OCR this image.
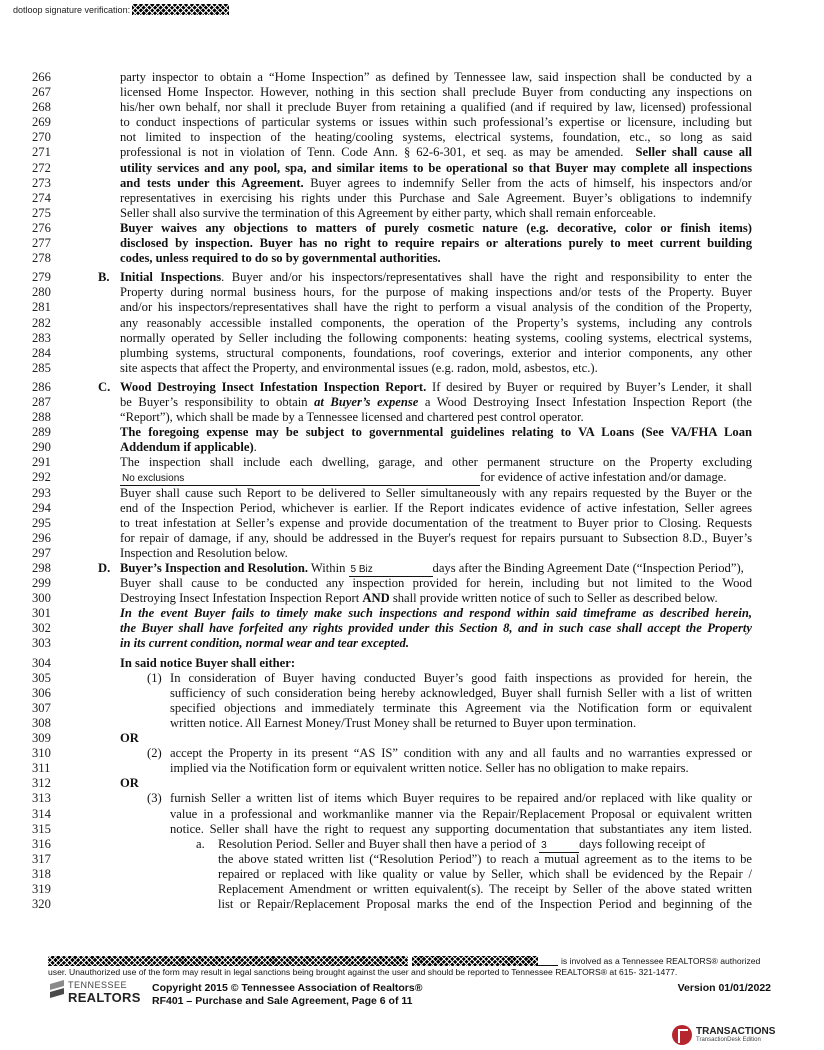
dotloop signature verification:
266	party inspector to obtain a “Home Inspection” as defined by Tennessee law, said inspection shall be conducted by a
267	licensed Home Inspector. However, nothing in this section shall preclude Buyer from conducting any inspections on
268	his/her own behalf, nor shall it preclude Buyer from retaining a qualified (and if required by law, licensed) professional
269	to conduct inspections of particular systems or issues within such professional’s expertise or licensure, including but
270	not limited to inspection of the heating/cooling systems, electrical systems, foundation, etc., so long as said
271	professional is not in violation of Tenn. Code Ann. § 62-6-301, et seq. as may be amended. Seller shall cause all
272	utility services and any pool, spa, and similar items to be operational so that Buyer may complete all inspections
273	and tests under this Agreement. Buyer agrees to indemnify Seller from the acts of himself, his inspectors and/or
274	representatives in exercising his rights under this Purchase and Sale Agreement. Buyer’s obligations to indemnify
275	Seller shall also survive the termination of this Agreement by either party, which shall remain enforceable.
276	Buyer waives any objections to matters of purely cosmetic nature (e.g. decorative, color or finish items)
277	disclosed by inspection. Buyer has no right to require repairs or alterations purely to meet current building
278	codes, unless required to do so by governmental authorities.
279	B. Initial Inspections. Buyer and/or his inspectors/representatives shall have the right and responsibility to enter the
280	Property during normal business hours, for the purpose of making inspections and/or tests of the Property. Buyer
281	and/or his inspectors/representatives shall have the right to perform a visual analysis of the condition of the Property,
282	any reasonably accessible installed components, the operation of the Property’s systems, including any controls
283	normally operated by Seller including the following components: heating systems, cooling systems, electrical systems,
284	plumbing systems, structural components, foundations, roof coverings, exterior and interior components, any other
285	site aspects that affect the Property, and environmental issues (e.g. radon, mold, asbestos, etc.).
286	C. Wood Destroying Insect Infestation Inspection Report. If desired by Buyer or required by Buyer’s Lender, it shall
287	be Buyer’s responsibility to obtain at Buyer’s expense a Wood Destroying Insect Infestation Inspection Report (the
288	“Report”), which shall be made by a Tennessee licensed and chartered pest control operator.
289	The foregoing expense may be subject to governmental guidelines relating to VA Loans (See VA/FHA Loan
290	Addendum if applicable).
291	The inspection shall include each dwelling, garage, and other permanent structure on the Property excluding
292	No exclusions	for evidence of active infestation and/or damage.
293	Buyer shall cause such Report to be delivered to Seller simultaneously with any repairs requested by the Buyer or the
294	end of the Inspection Period, whichever is earlier. If the Report indicates evidence of active infestation, Seller agrees
295	to treat infestation at Seller’s expense and provide documentation of the treatment to Buyer prior to Closing. Requests
296	for repair of damage, if any, should be addressed in the Buyer's request for repairs pursuant to Subsection 8.D., Buyer’s
297	Inspection and Resolution below.
298	D. Buyer’s Inspection and Resolution. Within 5 Biz	days after the Binding Agreement Date (“Inspection Period”),
299	Buyer shall cause to be conducted any inspection provided for herein, including but not limited to the Wood
300	Destroying Insect Infestation Inspection Report AND shall provide written notice of such to Seller as described below.
301	In the event Buyer fails to timely make such inspections and respond within said timeframe as described herein,
302	the Buyer shall have forfeited any rights provided under this Section 8, and in such case shall accept the Property
303	in its current condition, normal wear and tear excepted.
304	In said notice Buyer shall either:
305	(1) In consideration of Buyer having conducted Buyer’s good faith inspections as provided for herein, the
306	sufficiency of such consideration being hereby acknowledged, Buyer shall furnish Seller with a list of written
307	specified objections and immediately terminate this Agreement via the Notification form or equivalent
308	written notice. All Earnest Money/Trust Money shall be returned to Buyer upon termination.
309	OR
310	(2) accept the Property in its present “AS IS” condition with any and all faults and no warranties expressed or
311	implied via the Notification form or equivalent written notice. Seller has no obligation to make repairs.
312	OR
313	(3) furnish Seller a written list of items which Buyer requires to be repaired and/or replaced with like quality or
314	value in a professional and workmanlike manner via the Repair/Replacement Proposal or equivalent written
315	notice. Seller shall have the right to request any supporting documentation that substantiates any item listed.
316	a.	Resolution Period. Seller and Buyer shall then have a period of 3	days following receipt of
317	the above stated written list (“Resolution Period”) to reach a mutual agreement as to the items to be
318	repaired or replaced with like quality or value by Seller, which shall be evidenced by the Repair /
319	Replacement Amendment or written equivalent(s). The receipt by Seller of the above stated written
320	list or Repair/Replacement Proposal marks the end of the Inspection Period and beginning of the
is involved as a Tennessee REALTORS® authorized
user. Unauthorized use of the form may result in legal sanctions being brought against the user and should be reported to Tennessee REALTORS® at 615- 321-1477.
TENNESSEE
REALTORS
Copyright 2015 © Tennessee Association of Realtors®
RF401 – Purchase and Sale Agreement, Page 6 of 11
Version 01/01/2022
TRANSACTIONS
TransactionDesk Edition
